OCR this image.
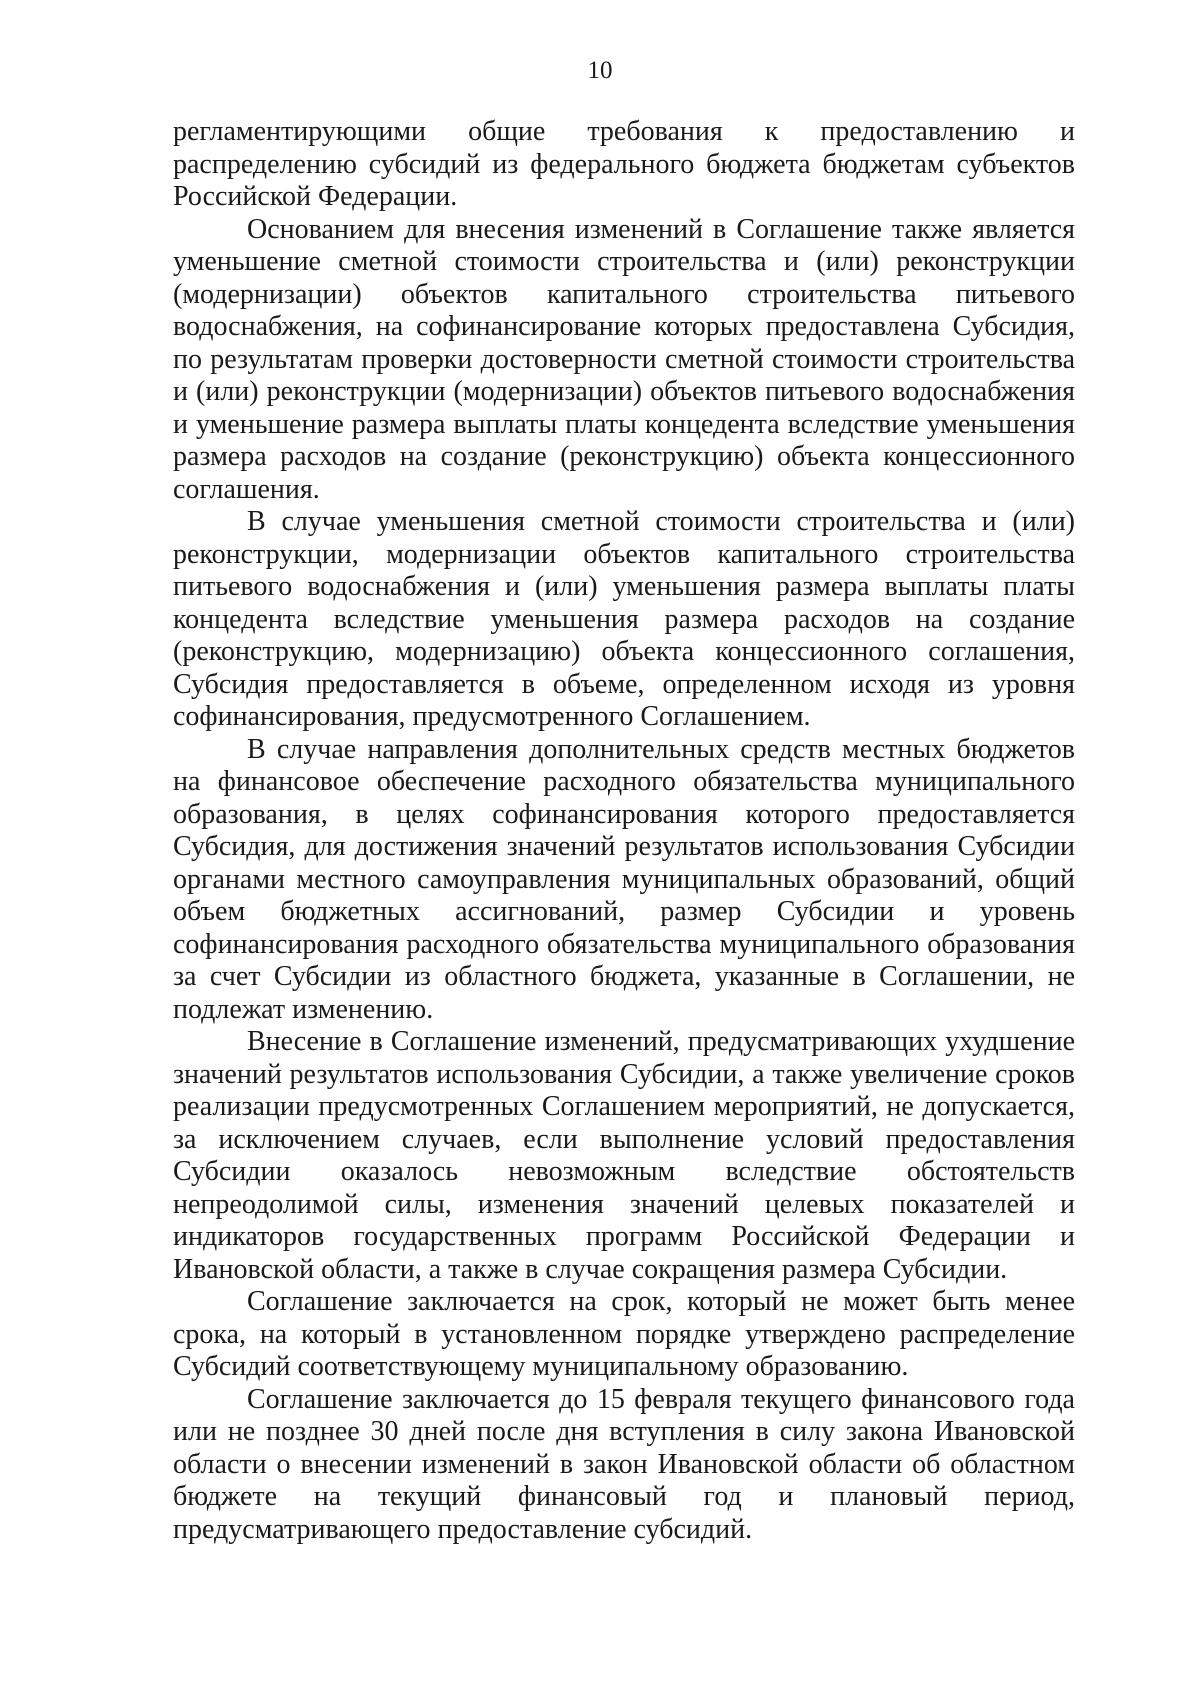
10

регламентирующими общие требования к предоставлению и распределению субсидий из федерального бюджета бюджетам субъектов Российской Федерации.

Основанием для внесения изменений в Соглашение также является уменьшение сметной стоимости строительства и (или) реконструкции (модернизации) объектов капитального строительства питьевого водоснабжения, на софинансирование которых предоставлена Субсидия, по результатам проверки достоверности сметной стоимости строительства и (или) реконструкции (модернизации) объектов питьевого водоснабжения и уменьшение размера выплаты платы концедента вследствие уменьшения размера расходов на создание (реконструкцию) объекта концессионного соглашения.

В случае уменьшения сметной стоимости строительства и (или) реконструкции, модернизации объектов капитального строительства питьевого водоснабжения и (или) уменьшения размера выплаты платы концедента вследствие уменьшения размера расходов на создание (реконструкцию, модернизацию) объекта концессионного соглашения, Субсидия предоставляется в объеме, определенном исходя из уровня софинансирования, предусмотренного Соглашением.

В случае направления дополнительных средств местных бюджетов на финансовое обеспечение расходного обязательства муниципального образования, в целях софинансирования которого предоставляется Субсидия, для достижения значений результатов использования Субсидии органами местного самоуправления муниципальных образований, общий объем бюджетных ассигнований, размер Субсидии и уровень софинансирования расходного обязательства муниципального образования за счет Субсидии из областного бюджета, указанные в Соглашении, не подлежат изменению.

Внесение в Соглашение изменений, предусматривающих ухудшение значений результатов использования Субсидии, а также увеличение сроков реализации предусмотренных Соглашением мероприятий, не допускается, за исключением случаев, если выполнение условий предоставления Субсидии оказалось невозможным вследствие обстоятельств непреодолимой силы, изменения значений целевых показателей и индикаторов государственных программ Российской Федерации и Ивановской области, а также в случае сокращения размера Субсидии.

Соглашение заключается на срок, который не может быть менее срока, на который в установленном порядке утверждено распределение Субсидий соответствующему муниципальному образованию.

Соглашение заключается до 15 февраля текущего финансового года или не позднее 30 дней после дня вступления в силу закона Ивановской области о внесении изменений в закон Ивановской области об областном бюджете на текущий финансовый год и плановый период, предусматривающего предоставление субсидий.
